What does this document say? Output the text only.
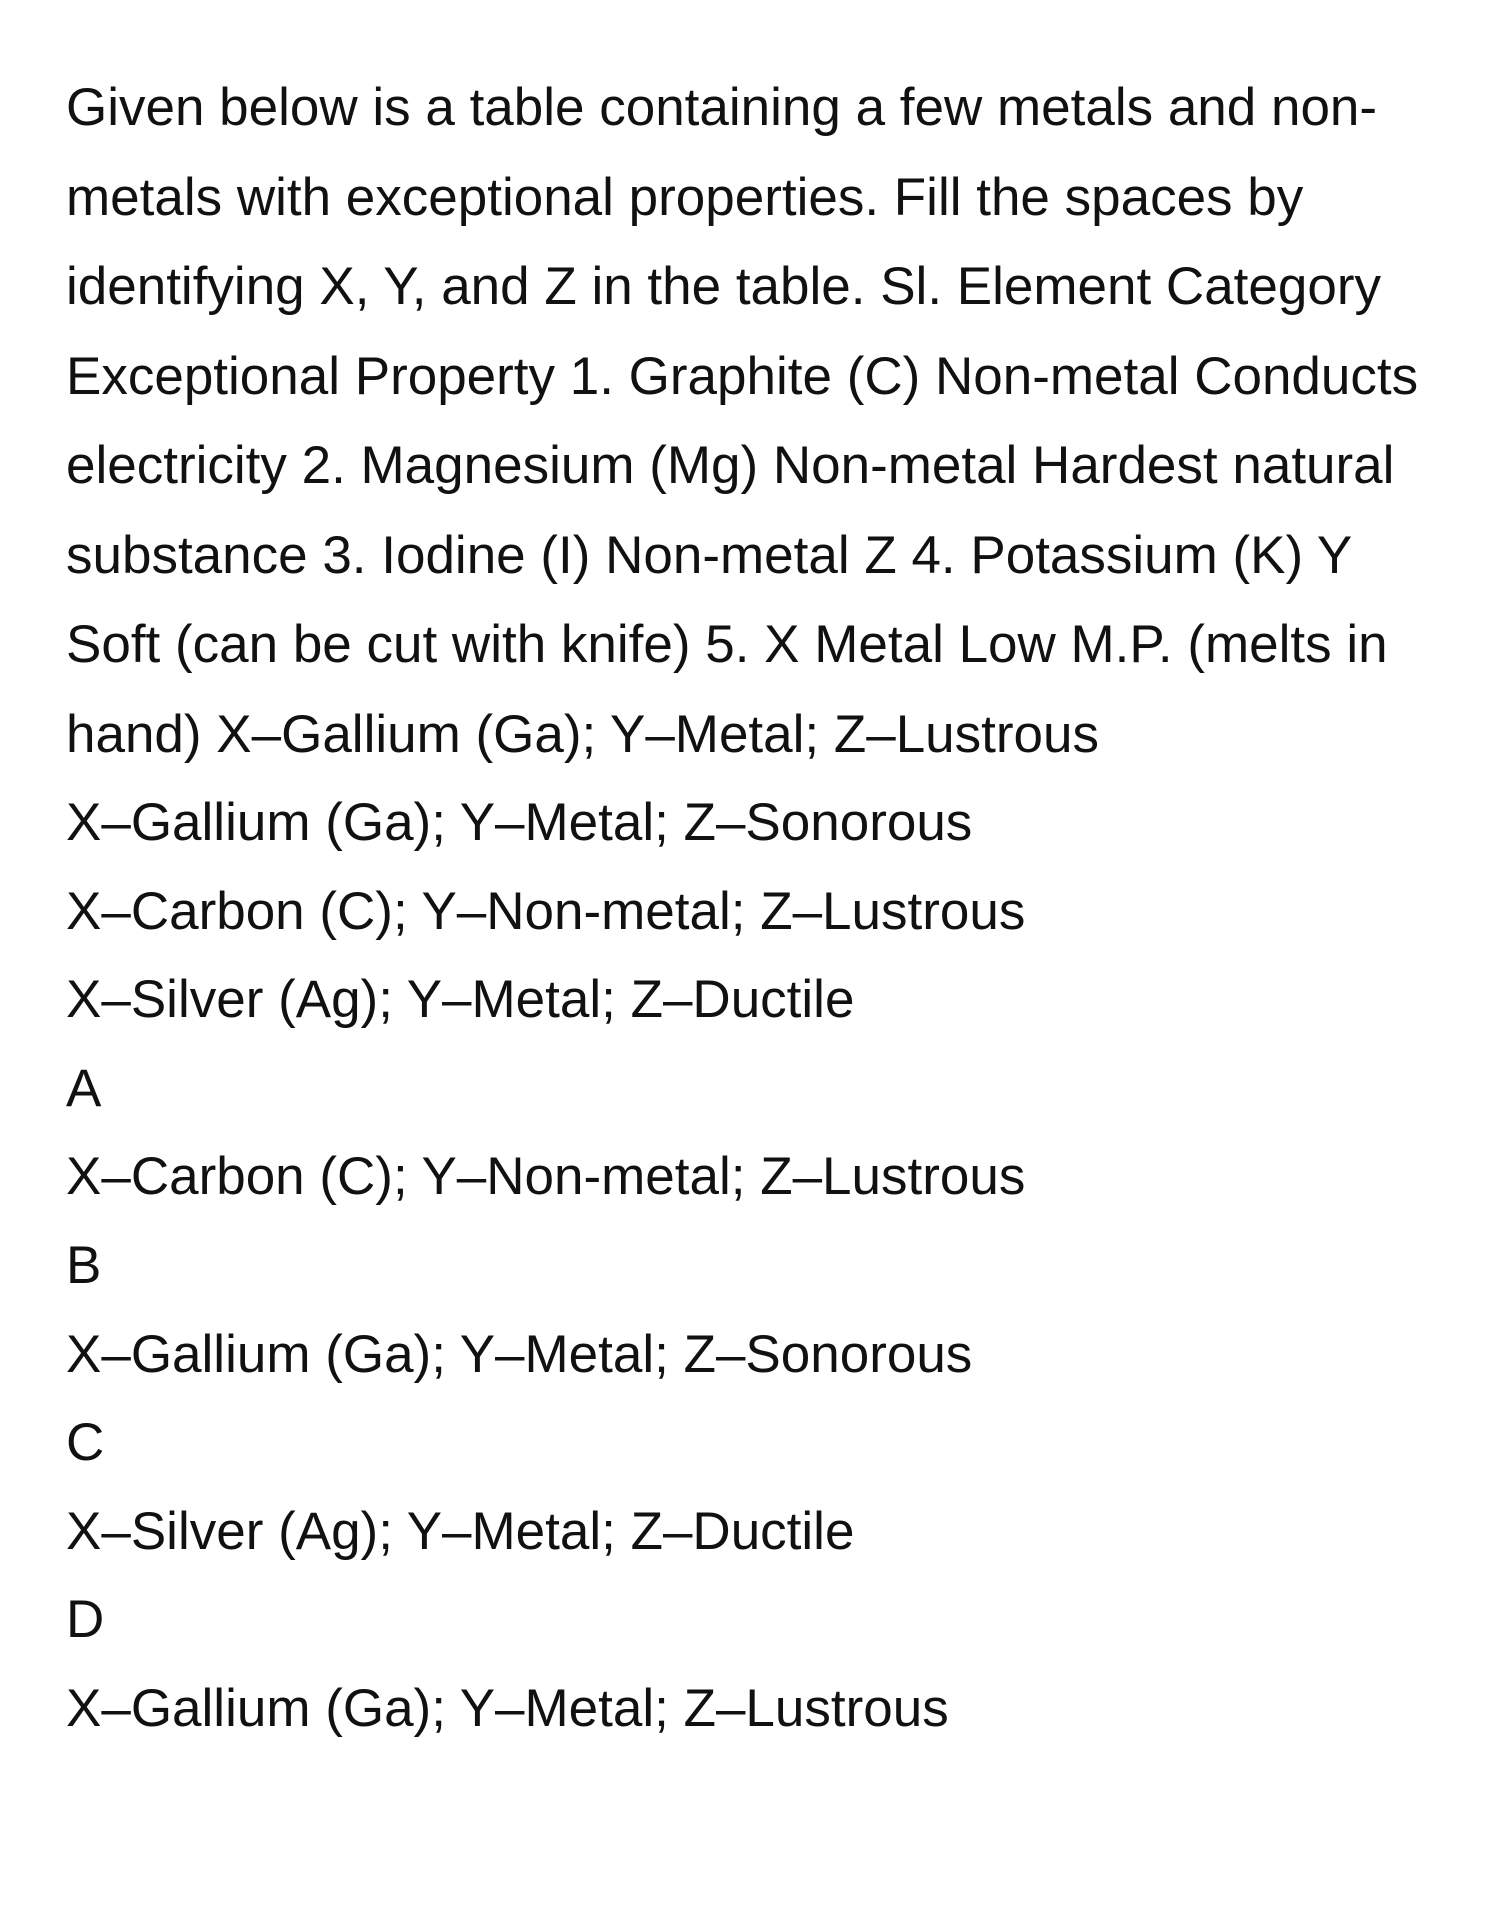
Given below is a table containing a few metals and non-metals with exceptional properties. Fill the spaces by identifying X, Y, and Z in the table. Sl. Element Category Exceptional Property 1. Graphite (C) Non-metal Conducts electricity 2. Magnesium (Mg) Non-metal Hardest natural substance 3. Iodine (I) Non-metal Z 4. Potassium (K) Y Soft (can be cut with knife) 5. X Metal Low M.P. (melts in hand) X–Gallium (Ga); Y–Metal; Z–Lustrous

X–Gallium (Ga); Y–Metal; Z–Sonorous
X–Carbon (C); Y–Non-metal; Z–Lustrous
X–Silver (Ag); Y–Metal; Z–Ductile
A
X–Carbon (C); Y–Non-metal; Z–Lustrous
B
X–Gallium (Ga); Y–Metal; Z–Sonorous
C
X–Silver (Ag); Y–Metal; Z–Ductile
D
X–Gallium (Ga); Y–Metal; Z–Lustrous
